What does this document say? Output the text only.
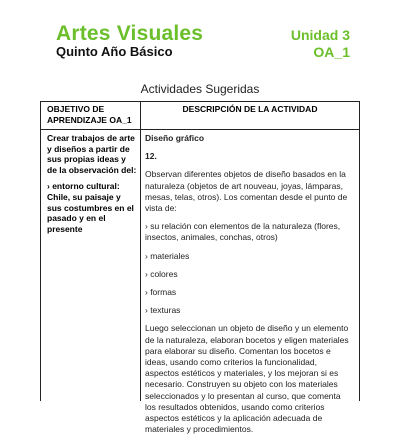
Artes Visuales
Quinto Año Básico
Unidad 3
OA_1
Actividades Sugeridas
OBJETIVO DE APRENDIZAJE OA_1
DESCRIPCIÓN DE LA ACTIVIDAD

Crear trabajos de arte y diseños a partir de sus propias ideas y de la observación del:

› entorno cultural: Chile, su paisaje y sus costumbres en el pasado y en el presente

Diseño gráfico

12.

Observan diferentes objetos de diseño basados en la naturaleza (objetos de art nouveau, joyas, lámparas, mesas, telas, otros). Los comentan desde el punto de vista de:

› su relación con elementos de la naturaleza (flores, insectos, animales, conchas, otros)

› materiales

› colores

› formas

› texturas

Luego seleccionan un objeto de diseño y un elemento de la naturaleza, elaboran bocetos y eligen materiales para elaborar su diseño. Comentan los bocetos e ideas, usando como criterios la funcionalidad, aspectos estéticos y materiales, y los mejoran si es necesario. Construyen su objeto con los materiales seleccionados y lo presentan al curso, que comenta los resultados obtenidos, usando como criterios aspectos estéticos y la aplicación adecuada de materiales y procedimientos.
